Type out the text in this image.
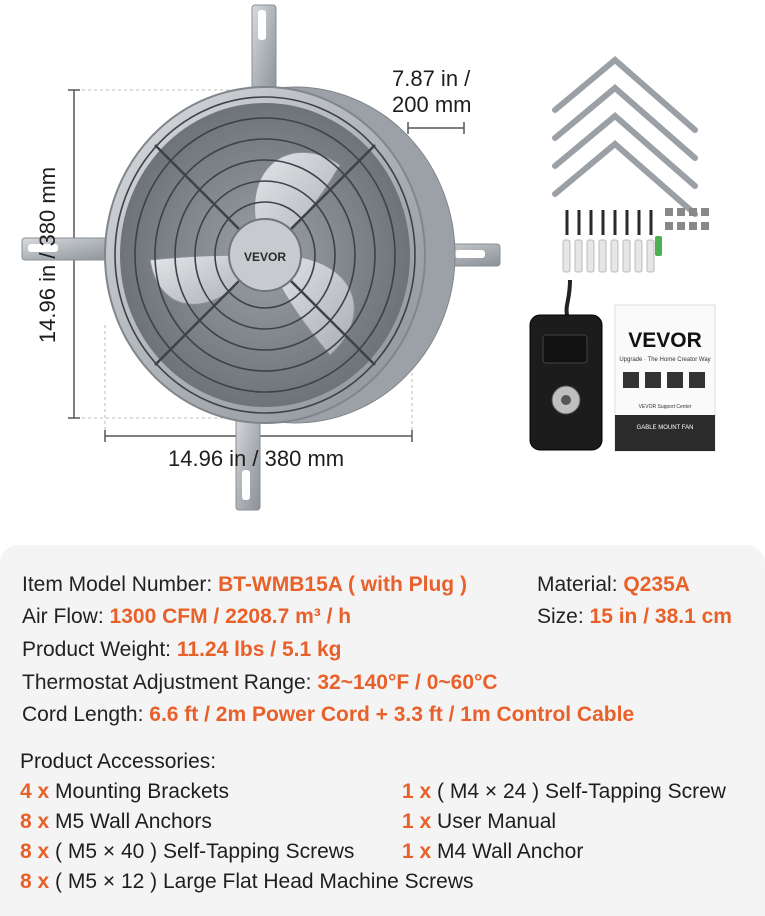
VEVOR
7.87 in /
200 mm
14.96 in / 380 mm
14.96 in / 380 mm
VEVOR
Upgrade · The Home Creator Way
GABLE MOUNT FAN
VEVOR Support Center
Item Model Number: BT-WMB15A ( with Plug )	Material: Q235A
Air Flow: 1300 CFM / 2208.7 m³ / h	Size: 15 in / 38.1 cm
Product Weight: 11.24 lbs / 5.1 kg
Thermostat Adjustment Range: 32~140°F / 0~60°C
Cord Length: 6.6 ft / 2m Power Cord + 3.3 ft / 1m Control Cable
Product Accessories:
4 x Mounting Brackets
8 x M5 Wall Anchors
8 x ( M5 × 40 ) Self-Tapping Screws
8 x ( M5 × 12 ) Large Flat Head Machine Screws
1 x ( M4 × 24 ) Self-Tapping Screw
1 x User Manual
1 x M4 Wall Anchor
